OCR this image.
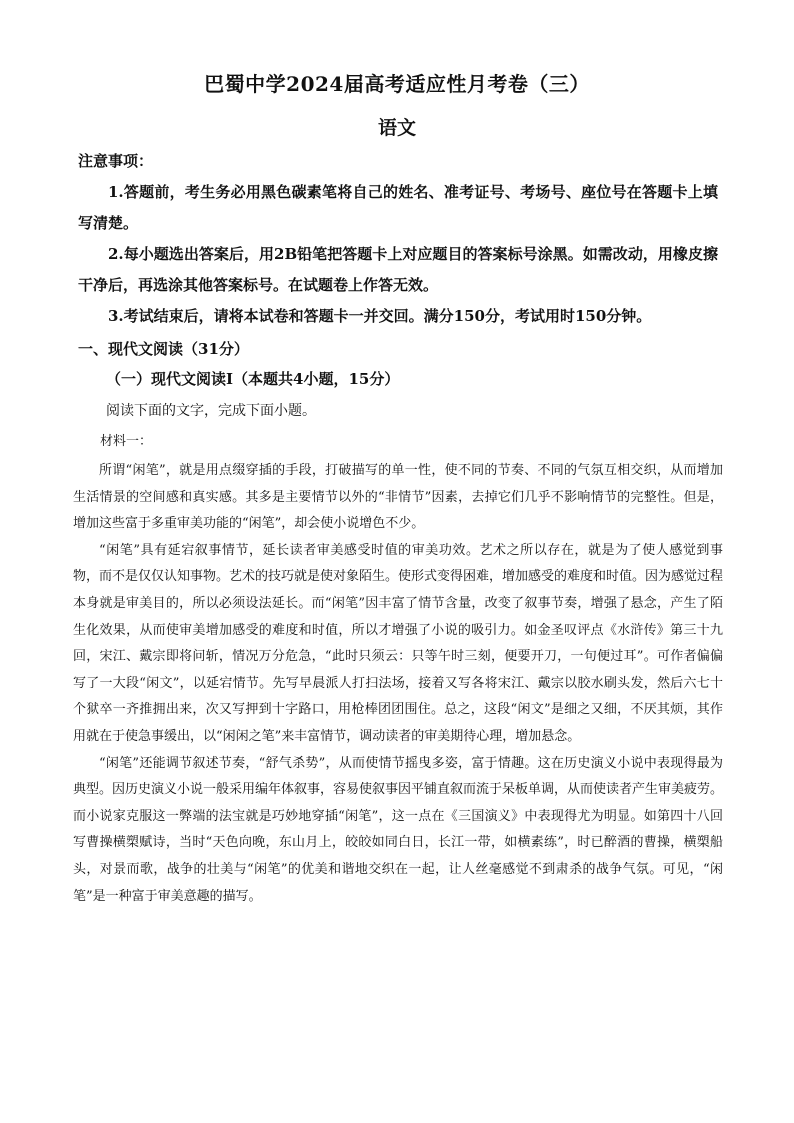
巴蜀中学2024届高考适应性月考卷（三）
语文
注意事项：

1.答题前，考生务必用黑色碳素笔将自己的姓名、准考证号、考场号、座位号在答题卡上填写清楚。

2.每小题选出答案后，用2B铅笔把答题卡上对应题目的答案标号涂黑。如需改动，用橡皮擦干净后，再选涂其他答案标号。在试题卷上作答无效。

3.考试结束后，请将本试卷和答题卡一并交回。满分150分，考试用时150分钟。

一、现代文阅读（31分）
（一）现代文阅读Ⅰ（本题共4小题，15分）
阅读下面的文字，完成下面小题。
材料一：

所谓“闲笔”，就是用点缀穿插的手段，打破描写的单一性，使不同的节奏、不同的气氛互相交织，从而增加生活情景的空间感和真实感。其多是主要情节以外的“非情节”因素，去掉它们几乎不影响情节的完整性。但是，增加这些富于多重审美功能的“闲笔”，却会使小说增色不少。

“闲笔”具有延宕叙事情节，延长读者审美感受时值的审美功效。艺术之所以存在，就是为了使人感觉到事物，而不是仅仅认知事物。艺术的技巧就是使对象陌生。使形式变得困难，增加感受的难度和时值。因为感觉过程本身就是审美目的，所以必须设法延长。而“闲笔”因丰富了情节含量，改变了叙事节奏，增强了悬念，产生了陌生化效果，从而使审美增加感受的难度和时值，所以才增强了小说的吸引力。如金圣叹评点《水浒传》第三十九回，宋江、戴宗即将问斩，情况万分危急，“此时只须云：只等午时三刻，便要开刀，一句便过耳”。可作者偏偏写了一大段“闲文”，以延宕情节。先写早晨派人打扫法场，接着又写各将宋江、戴宗以胶水刷头发，然后六七十个狱卒一齐推拥出来，次又写押到十字路口，用枪棒团团围住。总之，这段“闲文”是细之又细，不厌其烦，其作用就在于使急事缓出，以“闲闲之笔”来丰富情节，调动读者的审美期待心理，增加悬念。

“闲笔”还能调节叙述节奏，“舒气杀势”，从而使情节摇曳多姿，富于情趣。这在历史演义小说中表现得最为典型。因历史演义小说一般采用编年体叙事，容易使叙事因平铺直叙而流于呆板单调，从而使读者产生审美疲劳。而小说家克服这一弊端的法宝就是巧妙地穿插“闲笔”，这一点在《三国演义》中表现得尤为明显。如第四十八回写曹操横槊赋诗，当时“天色向晚，东山月上，皎皎如同白日，长江一带，如横素练”，时已醉酒的曹操，横槊船头，对景而歌，战争的壮美与“闲笔”的优美和谐地交织在一起，让人丝毫感觉不到肃杀的战争气氛。可见，“闲笔”是一种富于审美意趣的描写。
